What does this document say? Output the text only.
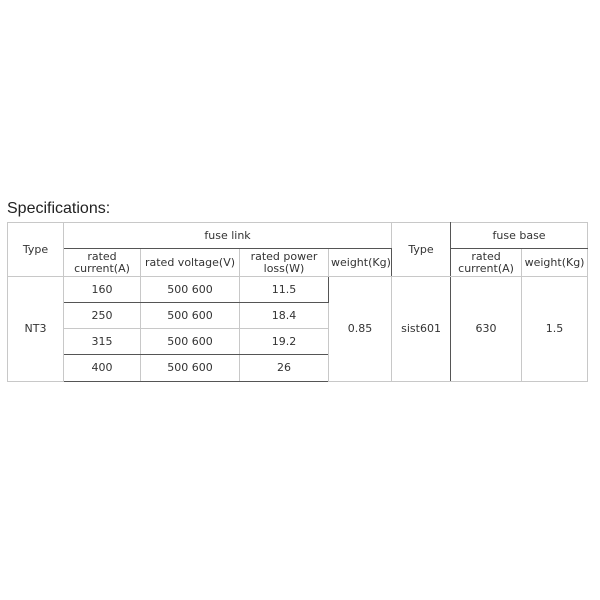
Specifications:
Type	fuse link				Type	fuse base	
	rated current(A)	rated voltage(V)	rated power loss(W)	weight(Kg)		rated current(A)	weight(Kg)
NT3	160	500 600	11.5	0.85	sist601	630	1.5
	250	500 600	18.4				
	315	500 600	19.2				
	400	500 600	26				
